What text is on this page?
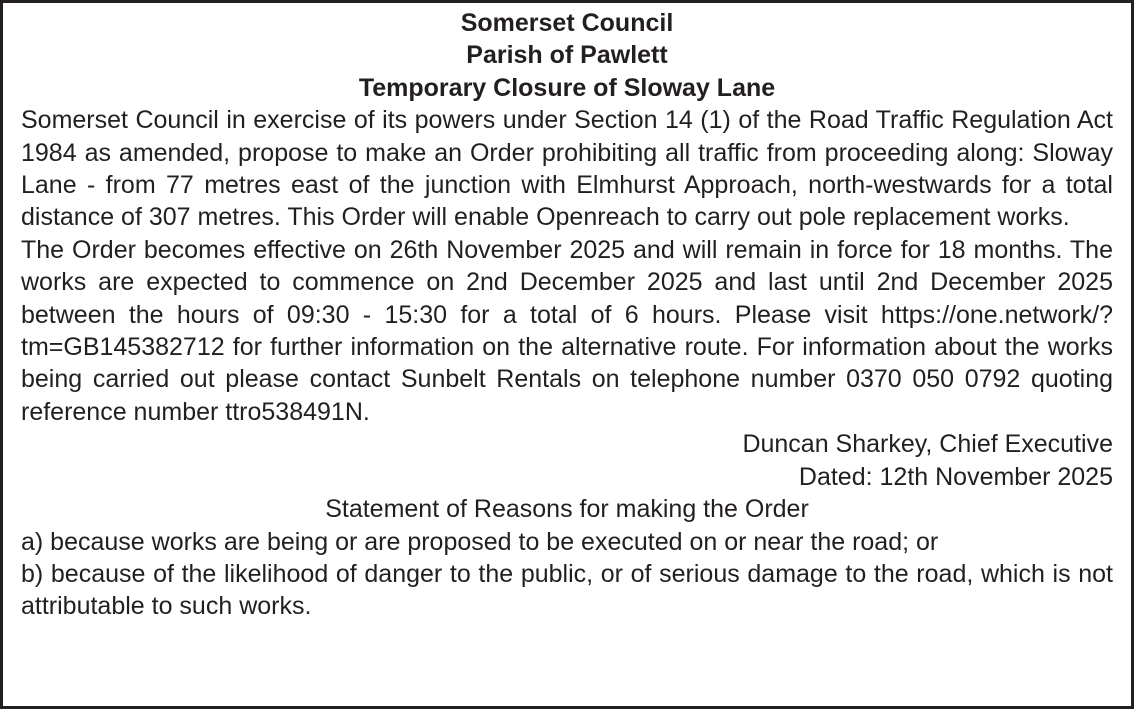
Somerset Council

Parish of Pawlett

Temporary Closure of Sloway Lane

Somerset Council in exercise of its powers under Section 14 (1) of the Road Traffic Regulation Act 1984 as amended, propose to make an Order prohibiting all traffic from proceeding along: Sloway Lane - from 77 metres east of the junction with Elmhurst Approach, north-westwards for a total distance of 307 metres. This Order will enable Openreach to carry out pole replacement works.

The Order becomes effective on 26th November 2025 and will remain in force for 18 months. The works are expected to commence on 2nd December 2025 and last until 2nd December 2025 between the hours of 09:30 - 15:30 for a total of 6 hours. Please visit https://one.network/?tm=GB145382712 for further information on the alternative route. For information about the works being carried out please contact Sunbelt Rentals on telephone number 0370 050 0792 quoting reference number ttro538491N.

Duncan Sharkey, Chief Executive

Dated: 12th November 2025

Statement of Reasons for making the Order

a) because works are being or are proposed to be executed on or near the road; or

b) because of the likelihood of danger to the public, or of serious damage to the road, which is not attributable to such works.
